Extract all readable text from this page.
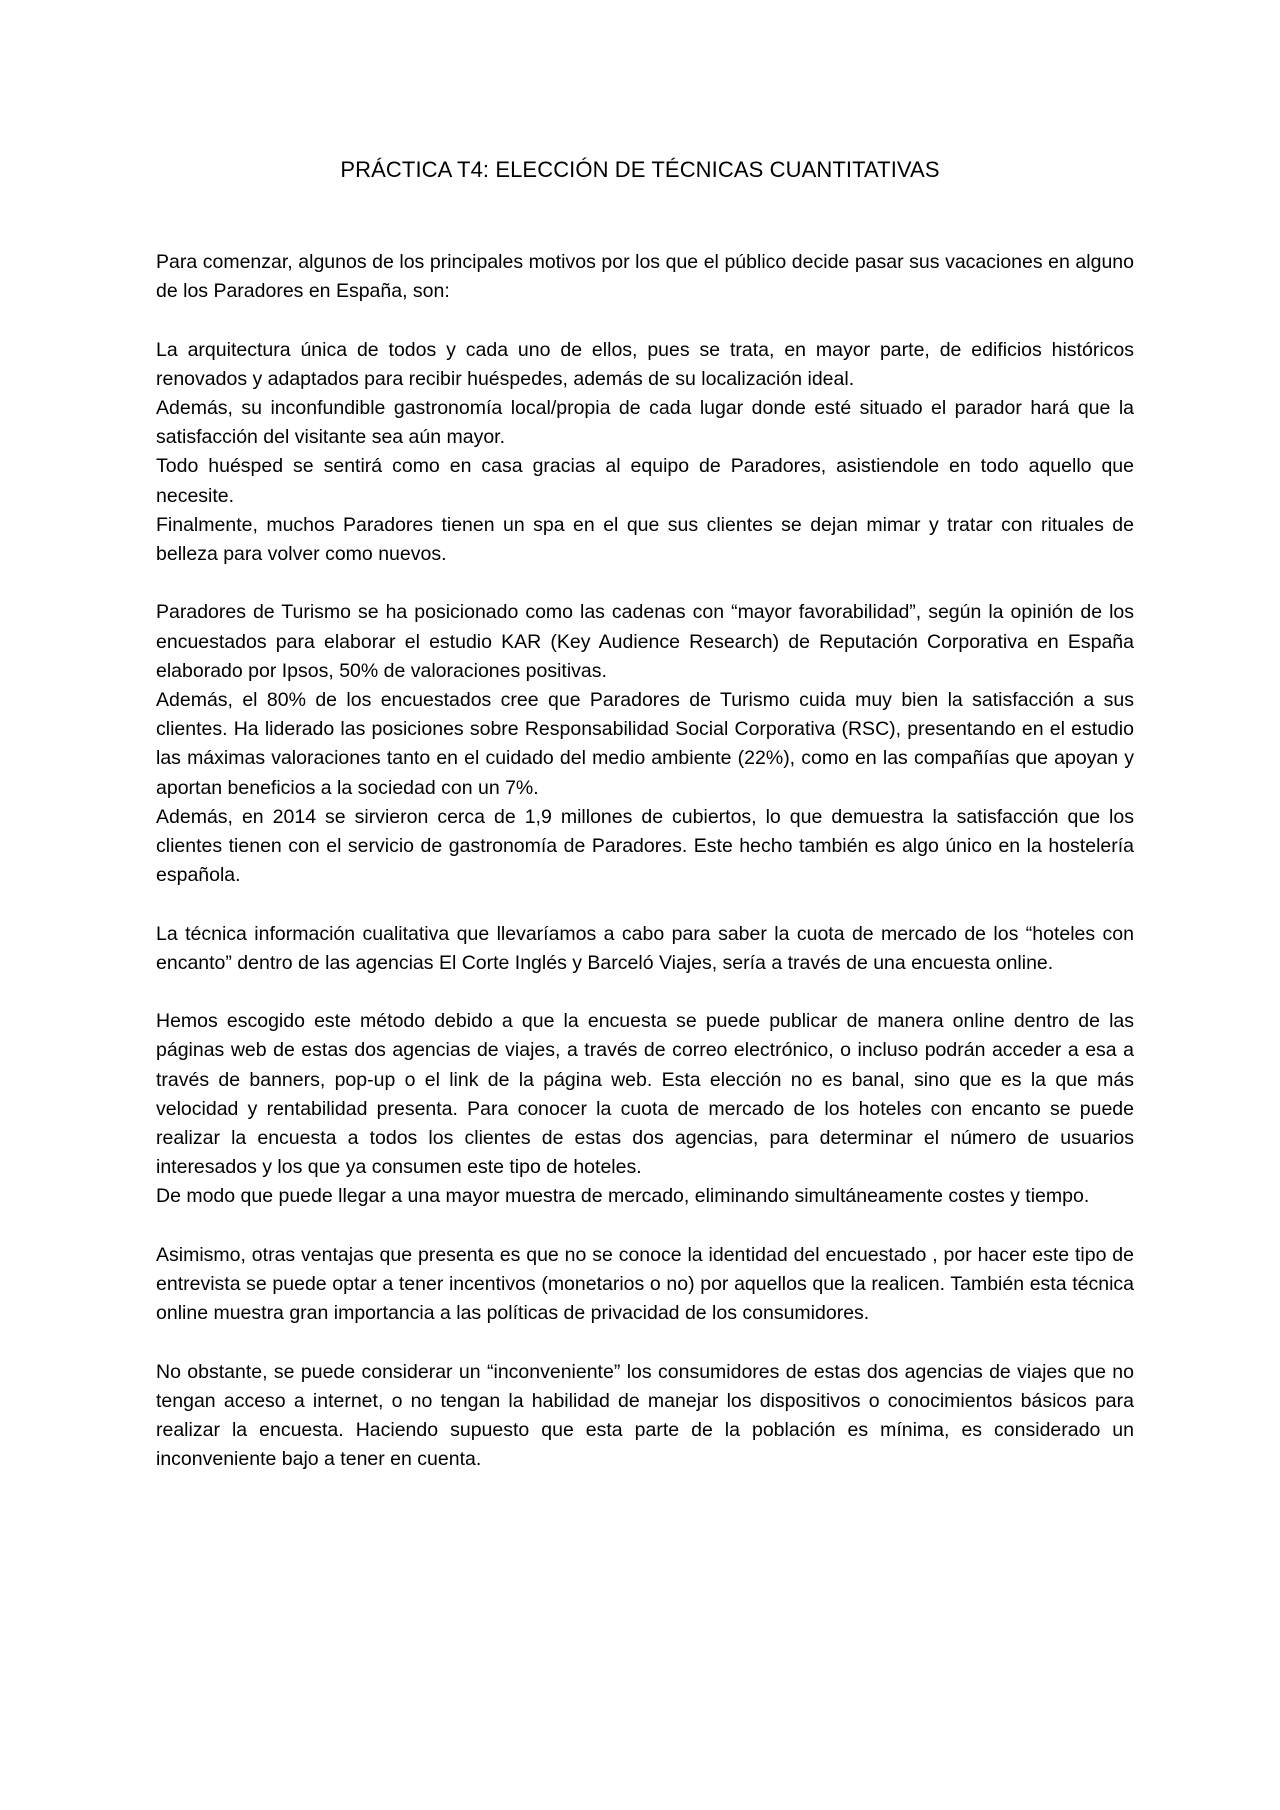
PRÁCTICA T4: ELECCIÓN DE TÉCNICAS CUANTITATIVAS
Para comenzar, algunos de los principales motivos por los que el público decide pasar sus vacaciones en alguno de los Paradores en España, son:
La arquitectura única de todos y cada uno de ellos, pues se trata, en mayor parte, de edificios históricos renovados y adaptados para recibir huéspedes, además de su localización ideal.
Además, su inconfundible gastronomía local/propia de cada lugar donde esté situado el parador hará que la satisfacción del visitante sea aún mayor.
Todo huésped se sentirá como en casa gracias al equipo de Paradores, asistiendole en todo aquello que necesite.
Finalmente, muchos Paradores tienen un spa en el que sus clientes se dejan mimar y tratar con rituales de belleza para volver como nuevos.
Paradores de Turismo se ha posicionado como las cadenas con “mayor favorabilidad”, según la opinión de los encuestados para elaborar el estudio KAR (Key Audience Research) de Reputación Corporativa en España elaborado por Ipsos, 50% de valoraciones positivas.
Además, el 80% de los encuestados cree que Paradores de Turismo cuida muy bien la satisfacción a sus clientes. Ha liderado las posiciones sobre Responsabilidad Social Corporativa (RSC), presentando en el estudio las máximas valoraciones tanto en el cuidado del medio ambiente (22%), como en las compañías que apoyan y aportan beneficios a la sociedad con un 7%.
Además, en 2014 se sirvieron cerca de 1,9 millones de cubiertos, lo que demuestra la satisfacción que los clientes tienen con el servicio de gastronomía de Paradores. Este hecho también es algo único en la hostelería española.
La técnica información cualitativa que llevaríamos a cabo para saber la cuota de mercado de los “hoteles con encanto” dentro de las agencias El Corte Inglés y Barceló Viajes, sería a través de una encuesta online.
Hemos escogido este método debido a que la encuesta se puede publicar de manera online dentro de las páginas web de estas dos agencias de viajes, a través de correo electrónico, o incluso podrán acceder a esa a través de banners, pop-up o el link de la página web. Esta elección no es banal, sino que es la que más velocidad y rentabilidad presenta. Para conocer la cuota de mercado de los hoteles con encanto se puede realizar la encuesta a todos los clientes de estas dos agencias, para determinar el número de usuarios interesados y los que ya consumen este tipo de hoteles.
De modo que puede llegar a una mayor muestra de mercado, eliminando simultáneamente costes y tiempo.
Asimismo, otras ventajas que presenta es que no se conoce la identidad del encuestado , por hacer este tipo de entrevista se puede optar a tener incentivos (monetarios o no) por aquellos que la realicen. También esta técnica online muestra gran importancia a las políticas de privacidad de los consumidores.
No obstante, se puede considerar un “inconveniente” los consumidores de estas dos agencias de viajes que no tengan acceso a internet, o no tengan la habilidad de manejar los dispositivos o conocimientos básicos para realizar la encuesta. Haciendo supuesto que esta parte de la población es mínima, es considerado un inconveniente bajo a tener en cuenta.
